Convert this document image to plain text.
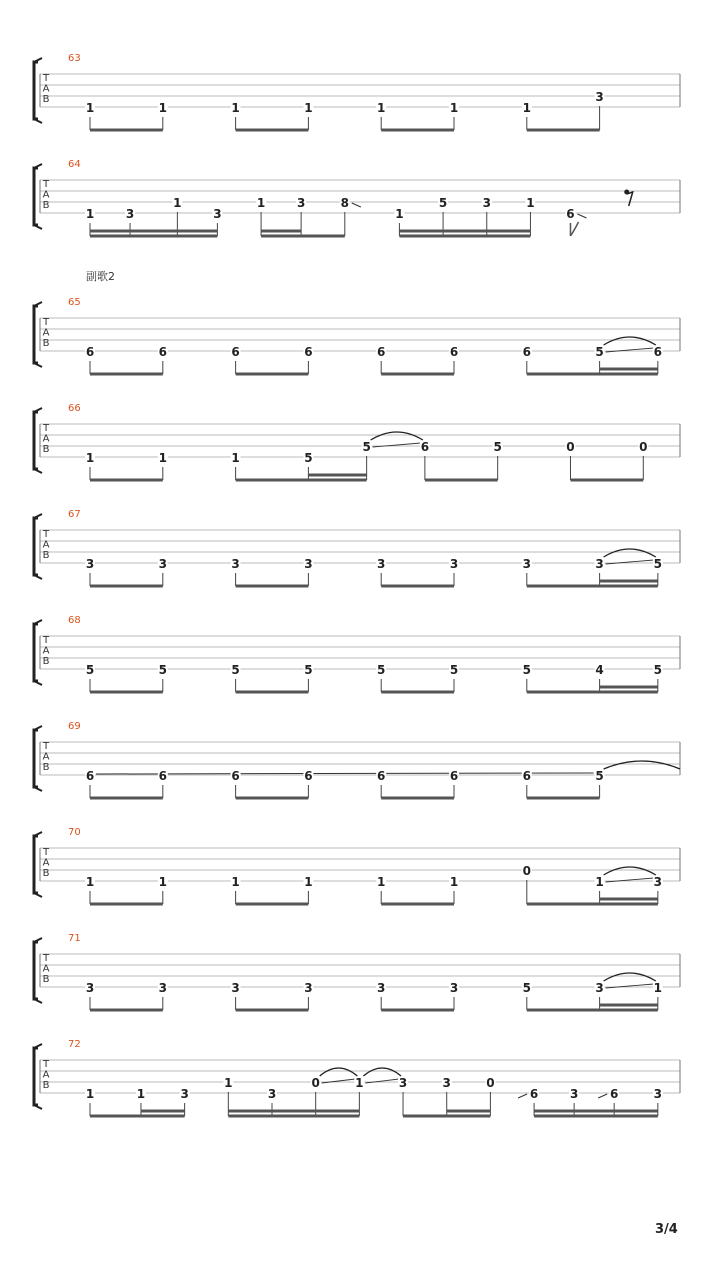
副歌2
T
A
B
63
1	1	1	1	1	1	1
3
T
A
B
64
1	3
1
3
1	3	8
1
5	3	1
6
T
A
B
65
6	6	6	6	6	6	6	5	6
T
A
B
66
1	1	1	5
5	6	5	0	0
T
A
B
67
3	3	3	3	3	3	3	3	5
T
A
B
68
5	5	5	5	5	5	5	4	5
T
A
B
69
6	6	6	6	6	6	6	5
T
A
B
70
1	1	1	1	1	1
0
1	3
T
A
B
71
3	3	3	3	3	3	5	3	1
T
A
B
72
1	1	3
1
3
0	1	3	3	0
6	3	6	3
3/4
